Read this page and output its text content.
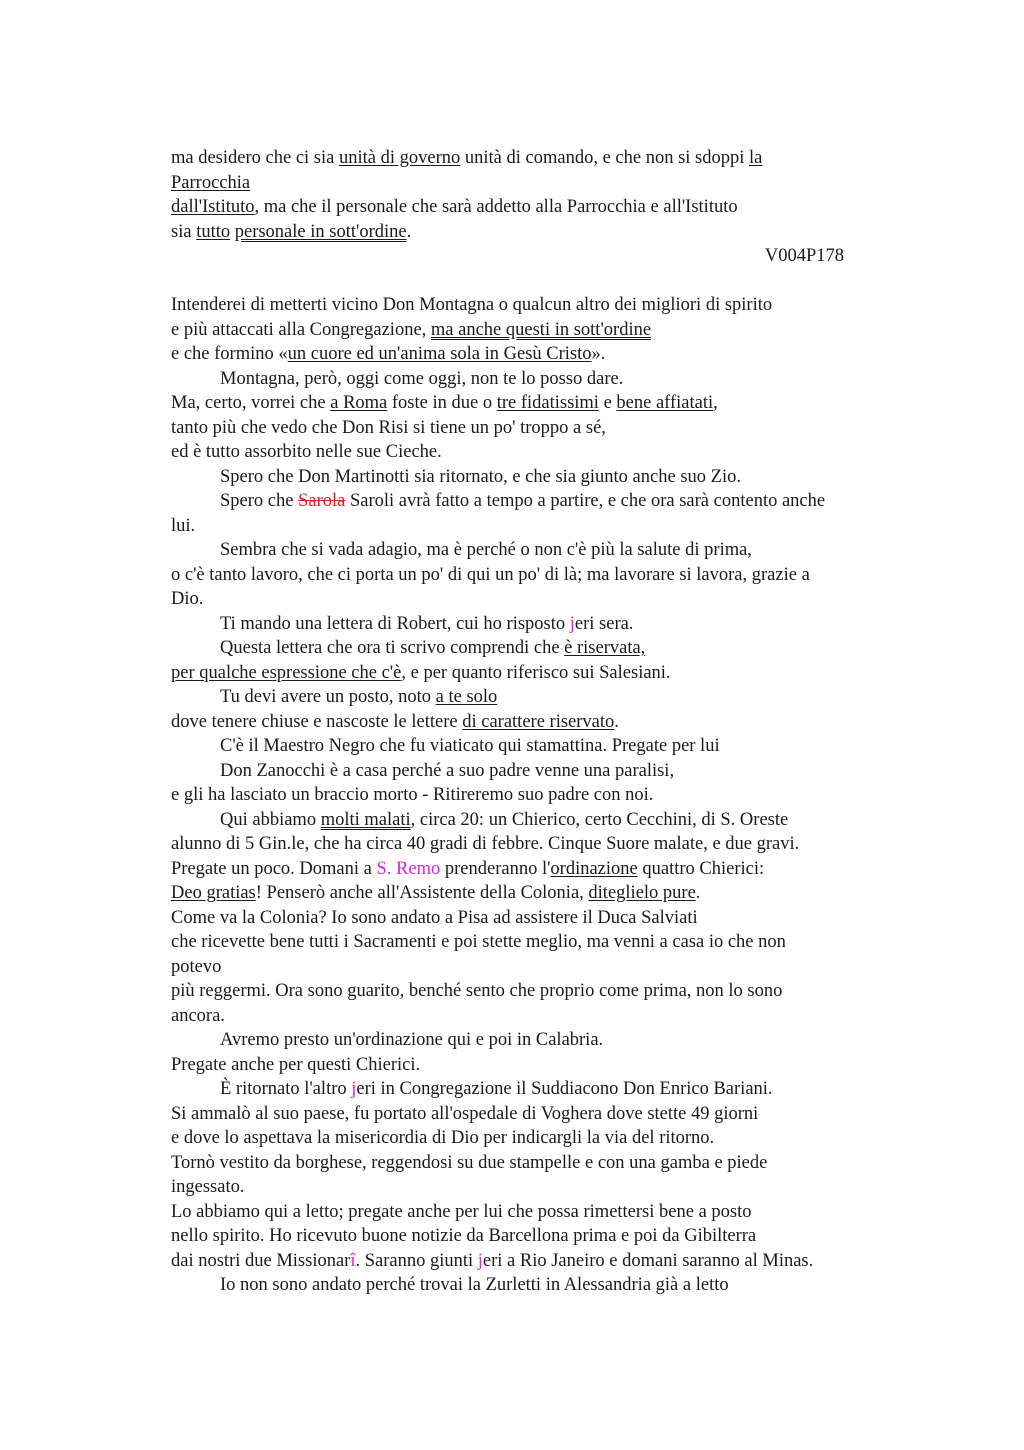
ma desidero che ci sia unità di governo unità di comando, e che non si sdoppi la
Parrocchia
dall'Istituto, ma che il personale che sarà addetto alla Parrocchia e all'Istituto
sia tutto personale in sott'ordine.
V004P178
Intenderei di metterti vicino Don Montagna o qualcun altro dei migliori di spirito
e più attaccati alla Congregazione, ma anche questi in sott'ordine
e che formino «un cuore ed un'anima sola in Gesù Cristo».
Montagna, però, oggi come oggi, non te lo posso dare.
Ma, certo, vorrei che a Roma foste in due o tre fidatissimi e bene affiatati,
tanto più che vedo che Don Risi si tiene un po' troppo a sé,
ed è tutto assorbito nelle sue Cieche.
Spero che Don Martinotti sia ritornato, e che sia giunto anche suo Zio.
Spero che Sarola Saroli avrà fatto a tempo a partire, e che ora sarà contento anche
lui.
Sembra che si vada adagio, ma è perché o non c'è più la salute di prima,
o c'è tanto lavoro, che ci porta un po' di qui un po' di là; ma lavorare si lavora, grazie a
Dio.
Ti mando una lettera di Robert, cui ho risposto jeri sera.
Questa lettera che ora ti scrivo comprendi che è riservata,
per qualche espressione che c'è, e per quanto riferisco sui Salesiani.
Tu devi avere un posto, noto a te solo
dove tenere chiuse e nascoste le lettere di carattere riservato.
C'è il Maestro Negro che fu viaticato qui stamattina. Pregate per lui
Don Zanocchi è a casa perché a suo padre venne una paralisi,
e gli ha lasciato un braccio morto - Ritireremo suo padre con noi.
Qui abbiamo molti malati, circa 20: un Chierico, certo Cecchini, di S. Oreste
alunno di 5 Gin.le, che ha circa 40 gradi di febbre. Cinque Suore malate, e due gravi.
Pregate un poco. Domani a S. Remo prenderanno l'ordinazione quattro Chierici:
Deo gratias! Penserò anche all'Assistente della Colonia, diteglielo pure.
Come va la Colonia? Io sono andato a Pisa ad assistere il Duca Salviati
che ricevette bene tutti i Sacramenti e poi stette meglio, ma venni a casa io che non
potevo
più reggermi. Ora sono guarito, benché sento che proprio come prima, non lo sono
ancora.
Avremo presto un'ordinazione qui e poi in Calabria.
Pregate anche per questi Chierici.
È ritornato l'altro jeri in Congregazione il Suddiacono Don Enrico Bariani.
Si ammalò al suo paese, fu portato all'ospedale di Voghera dove stette 49 giorni
e dove lo aspettava la misericordia di Dio per indicargli la via del ritorno.
Tornò vestito da borghese, reggendosi su due stampelle e con una gamba e piede
ingessato.
Lo abbiamo qui a letto; pregate anche per lui che possa rimettersi bene a posto
nello spirito. Ho ricevuto buone notizie da Barcellona prima e poi da Gibilterra
dai nostri due Missionarî. Saranno giunti jeri a Rio Janeiro e domani saranno al Minas.
Io non sono andato perché trovai la Zurletti in Alessandria già a letto
